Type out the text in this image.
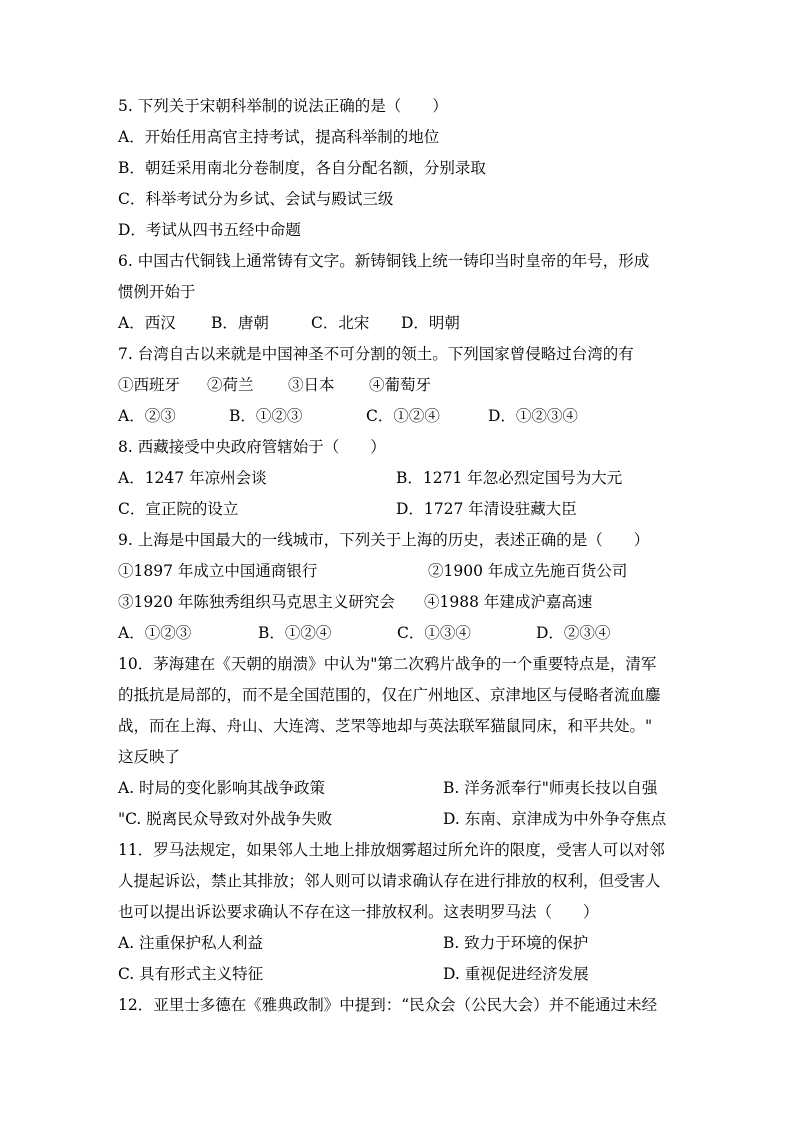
5. 下列关于宋朝科举制的说法正确的是（　　）
A．开始任用高官主持考试，提高科举制的地位
B．朝廷采用南北分卷制度，各自分配名额，分别录取
C．科举考试分为乡试、会试与殿试三级
D．考试从四书五经中命题
6. 中国古代铜钱上通常铸有文字。新铸铜钱上统一铸印当时皇帝的年号，形成
惯例开始于
A．西汉 B．唐朝	C．北宋 D．明朝
7. 台湾自古以来就是中国神圣不可分割的领土。下列国家曾侵略过台湾的有
①西班牙 ②荷兰 ③日本 ④葡萄牙
A．②③	B．①②③	C．①②④	D．①②③④
8. 西藏接受中央政府管辖始于（　　）
A．1247 年凉州会谈	B．1271 年忽必烈定国号为大元
C．宣正院的设立	D．1727 年清设驻藏大臣
9. 上海是中国最大的一线城市，下列关于上海的历史，表述正确的是（　　）
①1897 年成立中国通商银行	②1900 年成立先施百货公司
③1920 年陈独秀组织马克思主义研究会 ④1988 年建成沪嘉高速
A．①②③	B．①②④	C．①③④	D．②③④
10．茅海建在《天朝的崩溃》中认为"第二次鸦片战争的一个重要特点是，清军
的抵抗是局部的，而不是全国范围的，仅在广州地区、京津地区与侵略者流血鏖
战，而在上海、舟山、大连湾、芝罘等地却与英法联军猫鼠同床，和平共处。"
这反映了
A. 时局的变化影响其战争政策	B. 洋务派奉行"师夷长技以自强
"C. 脱离民众导致对外战争失败	D. 东南、京津成为中外争夺焦点
11．罗马法规定，如果邻人土地上排放烟雾超过所允许的限度，受害人可以对邻
人提起诉讼，禁止其排放；邻人则可以请求确认存在进行排放的权利，但受害人
也可以提出诉讼要求确认不存在这一排放权利。这表明罗马法（　　）
A. 注重保护私人利益	B. 致力于环境的保护
C. 具有形式主义特征	D. 重视促进经济发展
12．亚里士多德在《雅典政制》中提到：“民众会（公民大会）并不能通过未经
